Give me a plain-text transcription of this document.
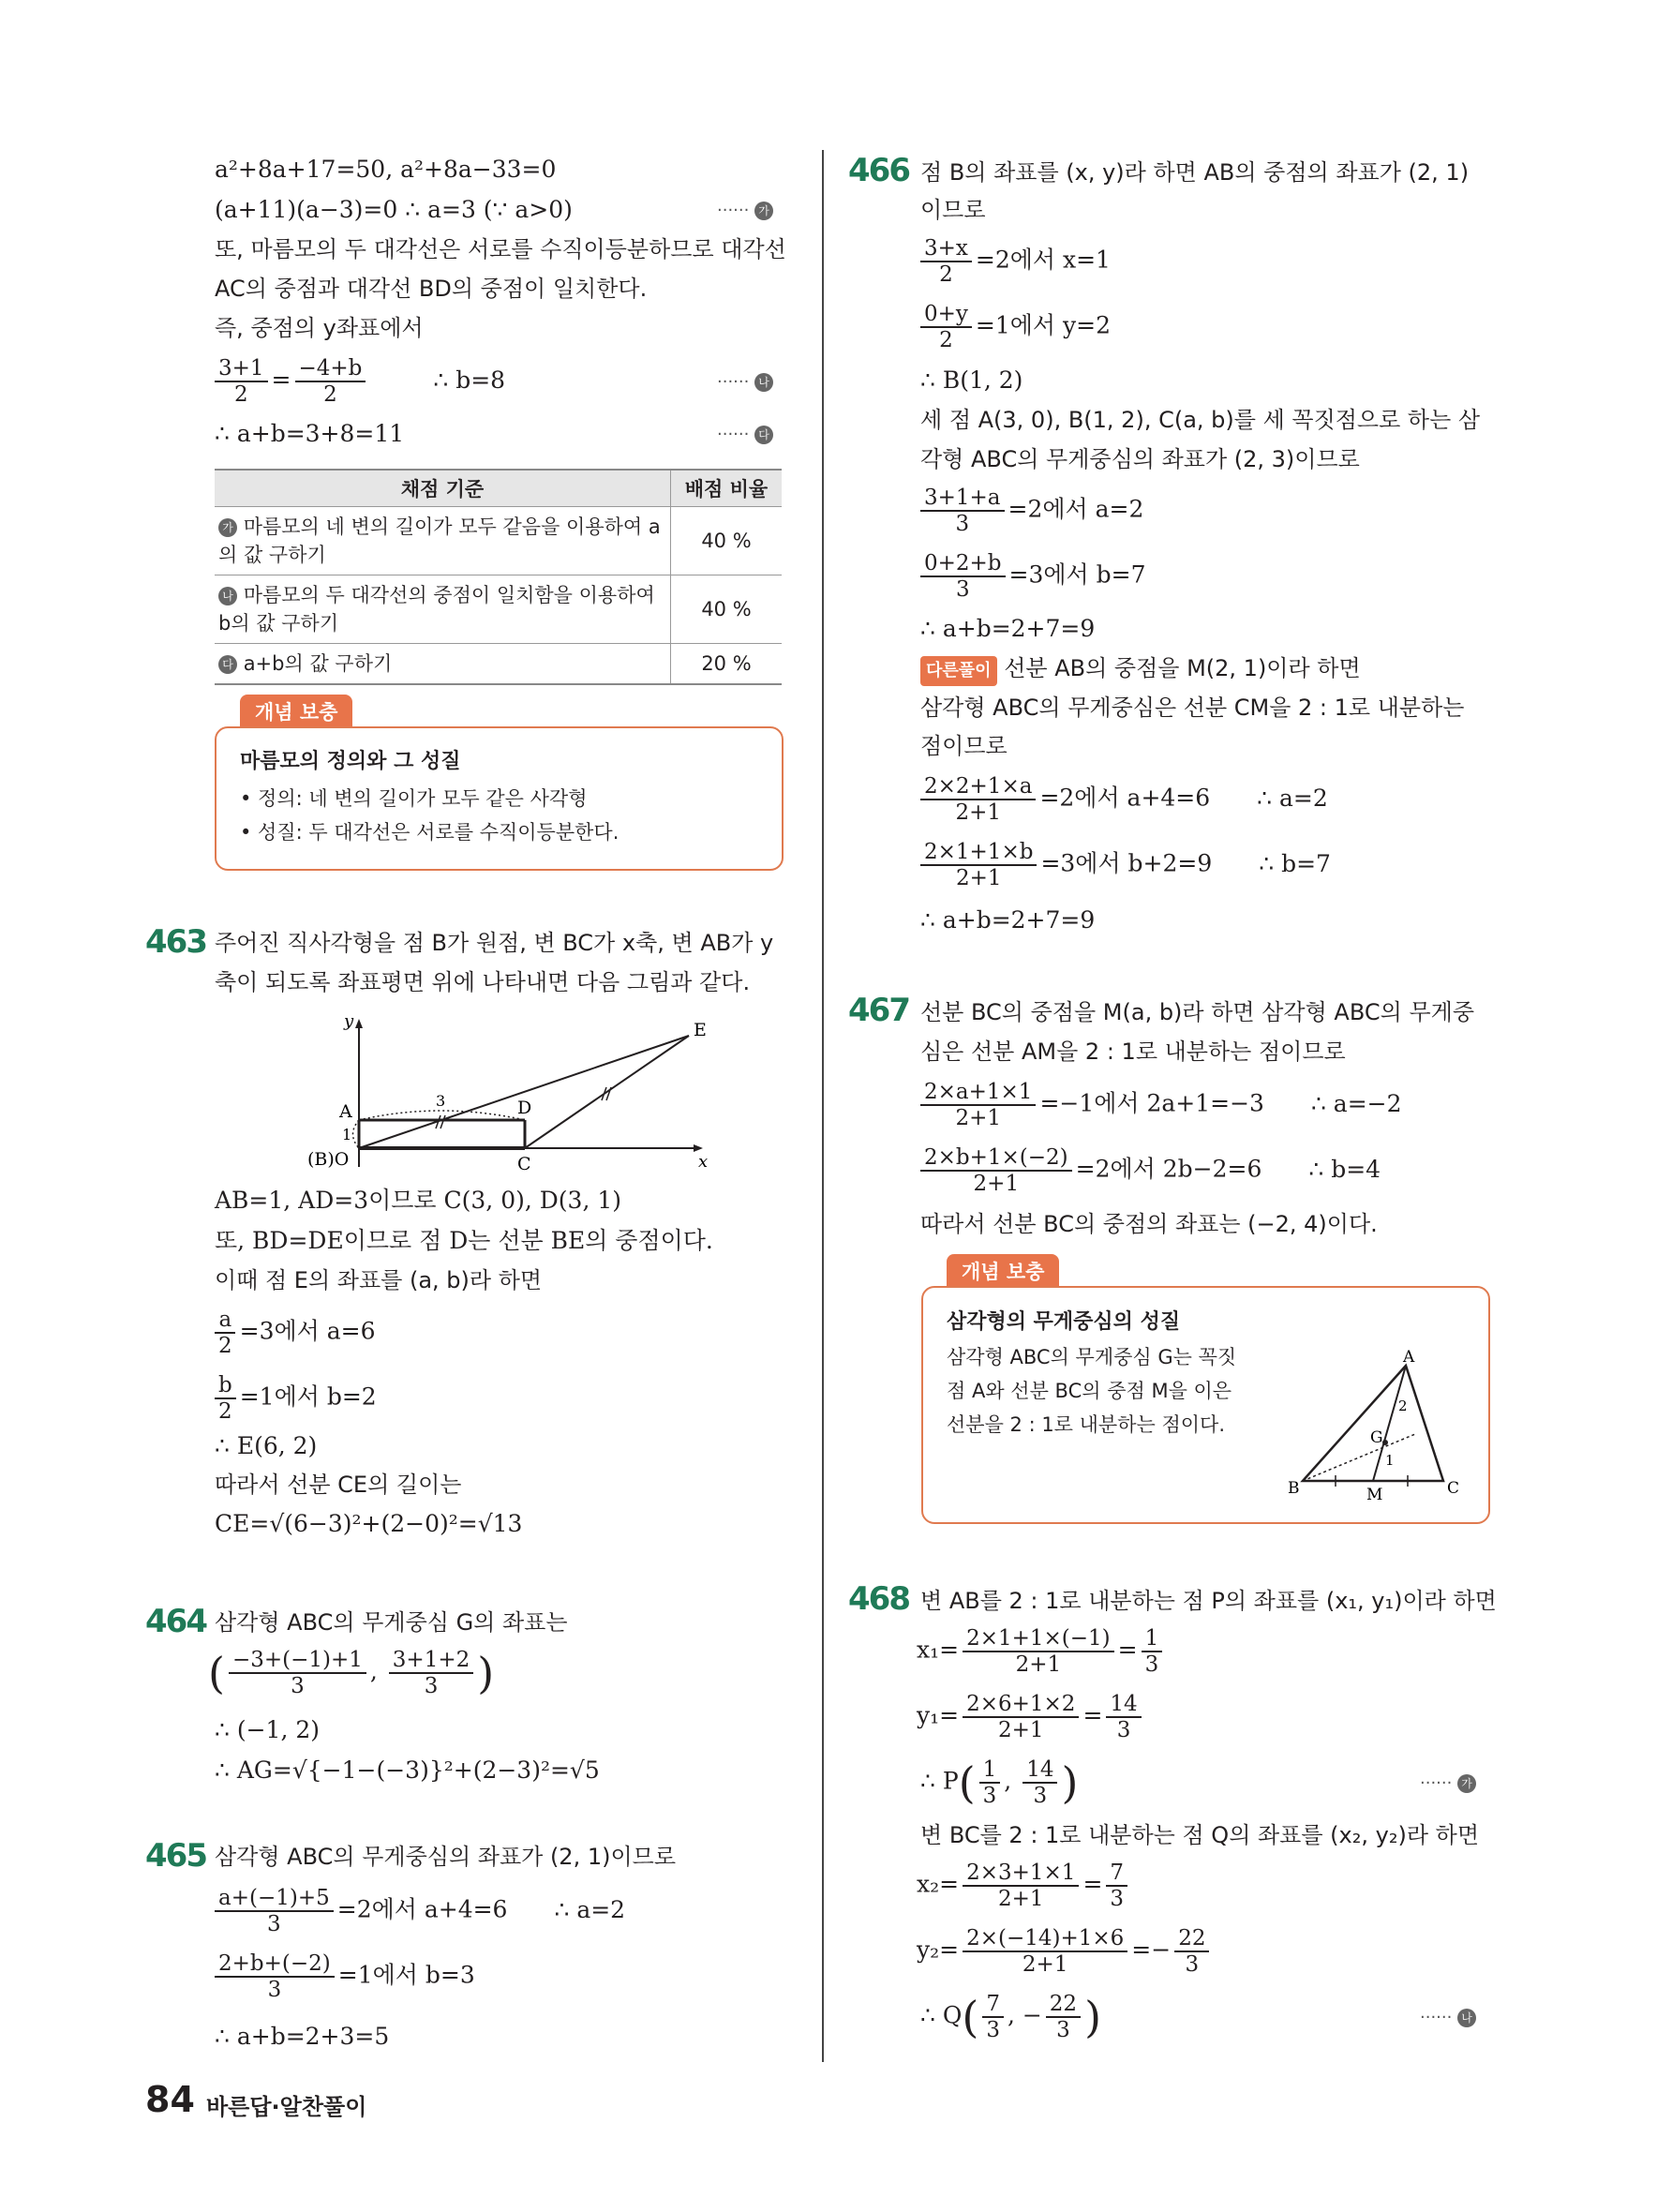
a²+8a+17=50, a²+8a−33=0
(a+11)(a−3)=0 ∴ a=3 (∵ a>0)	······ 가
또, 마름모의 두 대각선은 서로를 수직이등분하므로 대각선
AC의 중점과 대각선 BD의 중점이 일치한다.
즉, 중점의 y좌표에서
$\frac{3+1}{2} = \frac{-4+b}{2}$	∴ b=8	······ 나
∴ a+b=3+8=11	······ 다
채점 기준	배점 비율
가 마름모의 네 변의 길이가 모두 같음을 이용하여 a의 값 구하기	40 %
나 마름모의 두 대각선의 중점이 일치함을 이용하여 b의 값 구하기	40 %
다 a+b의 값 구하기	20 %
개념 보충
마름모의 정의와 그 성질
• 정의: 네 변의 길이가 모두 같은 사각형
• 성질: 두 대각선은 서로를 수직이등분한다.
463 주어진 직사각형을 점 B가 원점, 변 BC가 x축, 변 AB가 y
축이 되도록 좌표평면 위에 나타내면 다음 그림과 같다.
y
x
A	D
E
C
(B)O
3
1
AB=1, AD=3이므로 C(3, 0), D(3, 1)
또, BD=DE이므로 점 D는 선분 BE의 중점이다.
이때 점 E의 좌표를 (a, b)라 하면
$\frac{a}{2} =3$에서 a=6
$\frac{b}{2} =1$에서 b=2
∴ E(6, 2)
따라서 선분 CE의 길이는
CE=√(6−3)²+(2−0)²=√13
464 삼각형 ABC의 무게중심 G의 좌표는
( $\frac{-3+(-1)+1}{3}$ , $\frac{3+1+2}{3}$ )
∴ (−1, 2)
∴ AG=√{−1−(−3)}²+(2−3)²=√5
465 삼각형 ABC의 무게중심의 좌표가 (2, 1)이므로
$\frac{a+(-1)+5}{3} =2$에서 a+4=6 ∴ a=2
$\frac{2+b+(-2)}{3} =1$에서 b=3
∴ a+b=2+3=5
466 점 B의 좌표를 (x, y)라 하면 AB의 중점의 좌표가 (2, 1)
이므로
$\frac{3+x}{2} =2$에서 x=1
$\frac{0+y}{2} =1$에서 y=2
∴ B(1, 2)
세 점 A(3, 0), B(1, 2), C(a, b)를 세 꼭짓점으로 하는 삼
각형 ABC의 무게중심의 좌표가 (2, 3)이므로
$\frac{3+1+a}{3} =2$에서 a=2
$\frac{0+2+b}{3} =3$에서 b=7
∴ a+b=2+7=9
다른풀이 선분 AB의 중점을 M(2, 1)이라 하면
삼각형 ABC의 무게중심은 선분 CM을 2 : 1로 내분하는
점이므로
$\frac{2\times 2+1\times a}{2+1} =2$에서 a+4=6 ∴ a=2
$\frac{2\times 1+1\times b}{2+1} =3$에서 b+2=9 ∴ b=7
∴ a+b=2+7=9
467 선분 BC의 중점을 M(a, b)라 하면 삼각형 ABC의 무게중
심은 선분 AM을 2 : 1로 내분하는 점이므로
$\frac{2\times a+1\times 1}{2+1} =-1$에서 2a+1=−3 ∴ a=−2
$\frac{2\times b+1\times(-2)}{2+1} =2$에서 2b−2=6 ∴ b=4
따라서 선분 BC의 중점의 좌표는 (−2, 4)이다.
개념 보충
삼각형의 무게중심의 성질
삼각형 ABC의 무게중심 G는 꼭짓
점 A와 선분 BC의 중점 M을 이은
선분을 2 : 1로 내분하는 점이다.
A
B	C
G
M
2
1
468 변 AB를 2 : 1로 내분하는 점 P의 좌표를 (x₁, y₁)이라 하면
$x_1= \frac{2\times 1+1\times(-1)}{2+1} = \frac{1}{3}$
$y_1= \frac{2\times 6+1\times 2}{2+1} = \frac{14}{3}$
∴ $P( \frac{1}{3}$ , $\frac{14}{3}$ )	······ 가
변 BC를 2 : 1로 내분하는 점 Q의 좌표를 (x₂, y₂)라 하면
$x_2= \frac{2\times 3+1\times 1}{2+1} = \frac{7}{3}$
$y_2= \frac{2\times(-14)+1\times 6}{2+1} =- \frac{22}{3}$
∴ $Q( \frac{7}{3}$ , − $\frac{22}{3}$ )	······ 나
84 바른답·알찬풀이
